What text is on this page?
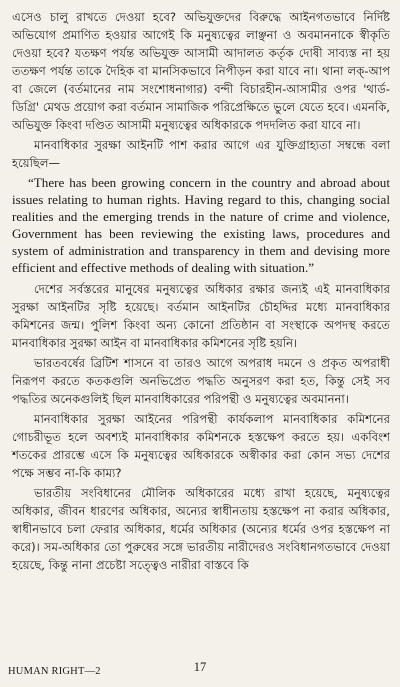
এসেও চালু রাখতে দেওয়া হবে? অভিযুক্তদের বিরুদ্ধে আইনগতভাবে নির্দিষ্ট অভিযোগ প্রমাণিত হওয়ার আগেই কি মনুষ্যত্বের লাঞ্ছনা ও অবমাননাকে স্বীকৃতি দেওয়া হবে? যতক্ষণ পর্যন্ত অভিযুক্ত আসামী আদালত কর্তৃক দোষী সাব্যস্ত না হয় ততক্ষণ পর্যন্ত তাকে দৈহিক বা মানসিকভাবে নিপীড়ন করা যাবে না। থানা লক্-আপ বা জেলে (বর্তমানের নাম সংশোধনাগার) বন্দী বিচারহীন-আসামীর ওপর 'থার্ড-ডিগ্রি' মেথড প্রয়োগ করা বর্তমান সামাজিক পরিপ্রেক্ষিতে ভুলে যেতে হবে। এমনকি, অভিযুক্ত কিংবা দণ্ডিত আসামী মনুষ্যত্বের অধিকারকে পদদলিত করা যাবে না।

মানবাধিকার সুরক্ষা আইনটি পাশ করার আগে এর যুক্তিগ্রাহ্যতা সম্বন্ধে বলা হয়েছিল—

“There has been growing concern in the country and abroad about issues relating to human rights. Having regard to this, changing social realities and the emerging trends in the nature of crime and violence, Government has been reviewing the existing laws, procedures and system of administration and transparency in them and devising more efficient and effective methods of dealing with situation.”

দেশের সর্বস্তরের মানুষের মনুষ্যত্বের অধিকার রক্ষার জন্যই এই মানবাধিকার সুরক্ষা আইনটির সৃষ্টি হয়েছে। বর্তমান আইনটির চৌহদ্দির মধ্যে মানবাধিকার কমিশনের জন্ম। পুলিশ কিংবা অন্য কোনো প্রতিষ্ঠান বা সংস্থাকে অপদস্থ করতে মানবাধিকার সুরক্ষা আইন বা মানবাধিকার কমিশনের সৃষ্টি হয়নি।

ভারতবর্ষের ব্রিটিশ শাসনে বা তারও আগে অপরাধ দমনে ও প্রকৃত অপরাধী নিরূপণ করতে কতকগুলি অনভিপ্রেত পদ্ধতি অনুসরণ করা হত, কিন্তু সেই সব পদ্ধতির অনেকগুলিই ছিল মানবাধিকারের পরিপন্থী ও মনুষ্যত্বের অবমাননা।

মানবাধিকার সুরক্ষা আইনের পরিপন্থী কার্যকলাপ মানবাধিকার কমিশনের গোচরীভূত হলে অবশ্যই মানবাধিকার কমিশনকে হস্তক্ষেপ করতে হয়। একবিংশ শতকের প্রারম্ভে এসে কি মনুষ্যত্বের অধিকারকে অস্বীকার করা কোন সভ্য দেশের পক্ষে সম্ভব না-কি কাম্য?

ভারতীয় সংবিধানের মৌলিক অধিকারের মধ্যে রাখা হয়েছে, মনুষ্যত্বের অধিকার, জীবন ধারণের অধিকার, অন্যের স্বাধীনতায় হস্তক্ষেপ না করার অধিকার, স্বাধীনভাবে চলা ফেরার অধিকার, ধর্মের অধিকার (অন্যের ধর্মের ওপর হস্তক্ষেপ না করে)। সম-অধিকার তো পুরুষের সঙ্গে ভারতীয় নারীদেরও সংবিধানগতভাবে দেওয়া হয়েছে, কিন্তু নানা প্রচেষ্টা সত্ত্বেও নারীরা বাস্তবে কি

HUMAN RIGHT—2	17
